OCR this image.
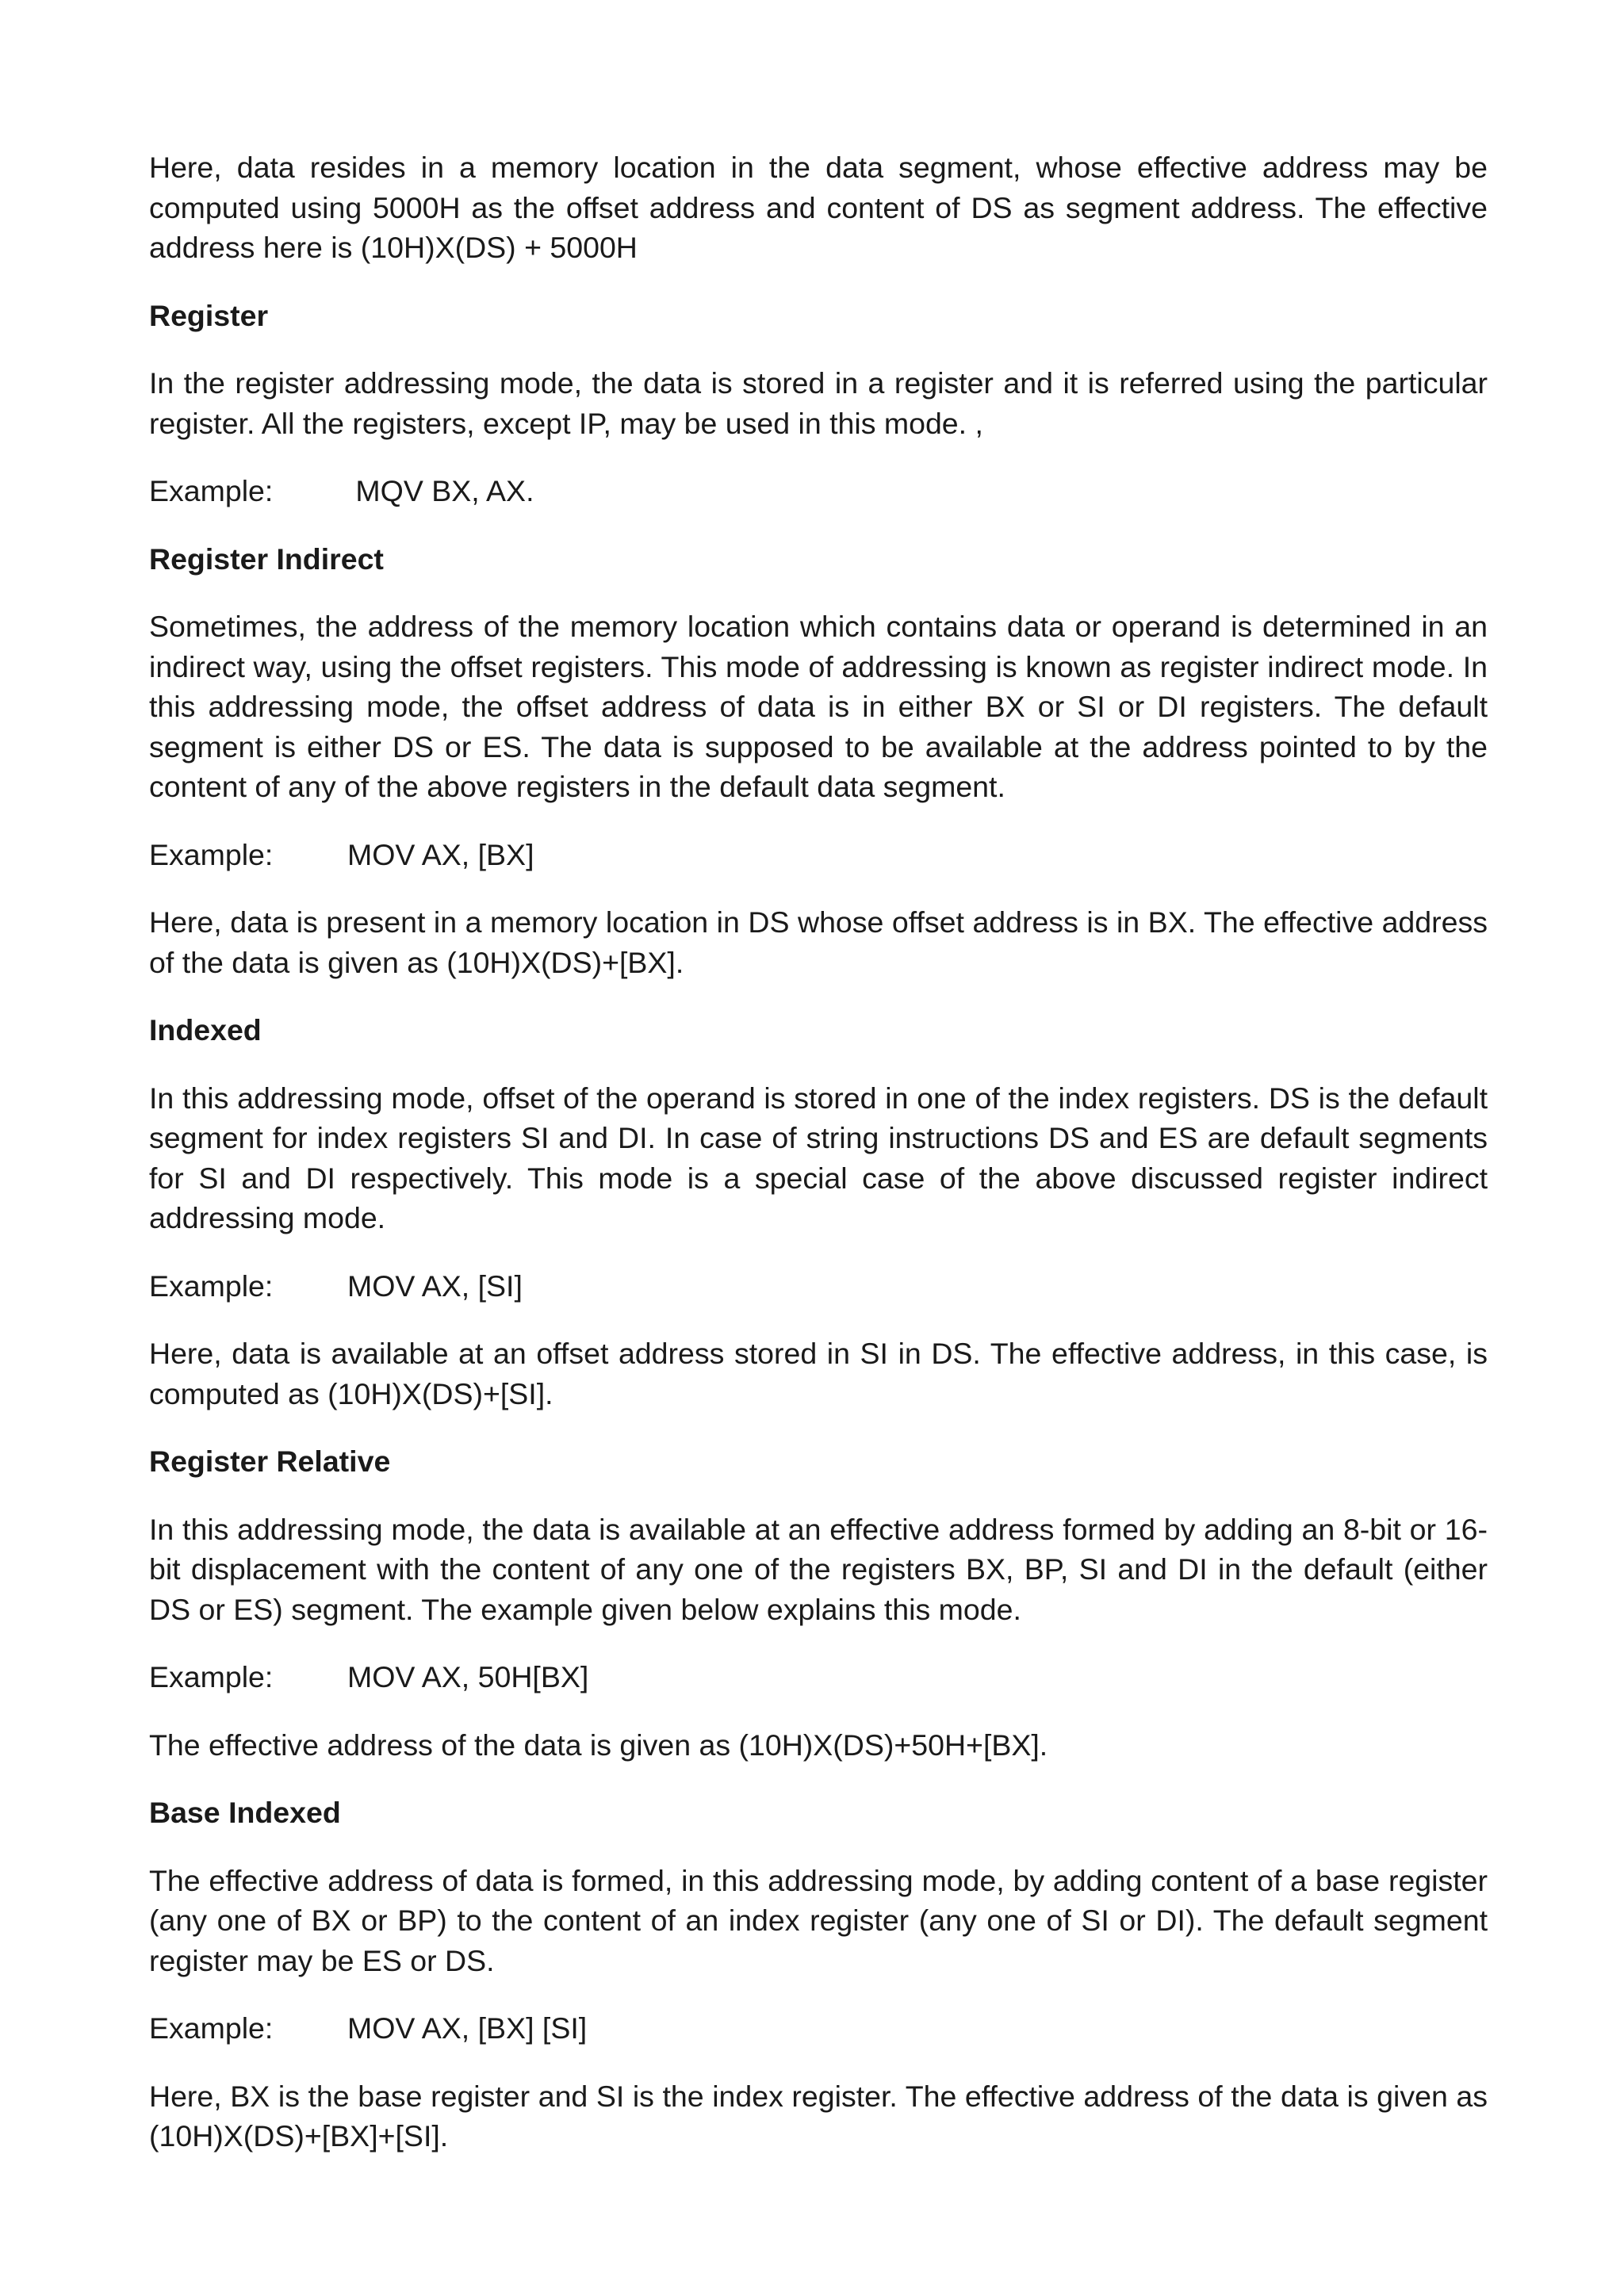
Here, data resides in a memory location in the data segment, whose effective address may be computed using 5000H as the offset address and content of DS as segment address. The effective address here is (10H)X(DS) + 5000H

Register

In the register addressing mode, the data is stored in a register and it is referred using the particular register. All the registers, except IP, may be used in this mode. ,

Example:	MQV BX, AX.
Register Indirect

Sometimes, the address of the memory location which contains data or operand is determined in an indirect way, using the offset registers. This mode of addressing is known as register indirect mode. In this addressing mode, the offset address of data is in either BX or SI or DI registers. The default segment is either DS or ES. The data is supposed to be available at the address pointed to by the content of any of the above registers in the default data segment.

Example:	MOV AX, [BX]

Here, data is present in a memory location in DS whose offset address is in BX. The effective address of the data is given as (10H)X(DS)+[BX].

Indexed

In this addressing mode, offset of the operand is stored in one of the index registers. DS is the default segment for index registers SI and DI. In case of string instructions DS and ES are default segments for SI and DI respectively. This mode is a special case of the above discussed register indirect addressing mode.

Example:	MOV AX, [SI]

Here, data is available at an offset address stored in SI in DS. The effective address, in this case, is computed as (10H)X(DS)+[SI].

Register Relative

In this addressing mode, the data is available at an effective address formed by adding an 8-bit or 16-bit displacement with the content of any one of the registers BX, BP, SI and DI in the default (either DS or ES) segment. The example given below explains this mode.

Example:	MOV AX, 50H[BX]

The effective address of the data is given as (10H)X(DS)+50H+[BX].

Base Indexed

The effective address of data is formed, in this addressing mode, by adding content of a base register (any one of BX or BP) to the content of an index register (any one of SI or DI). The default segment register may be ES or DS.

Example:	MOV AX, [BX] [SI]

Here, BX is the base register and SI is the index register. The effective address of the data is given as (10H)X(DS)+[BX]+[SI].
